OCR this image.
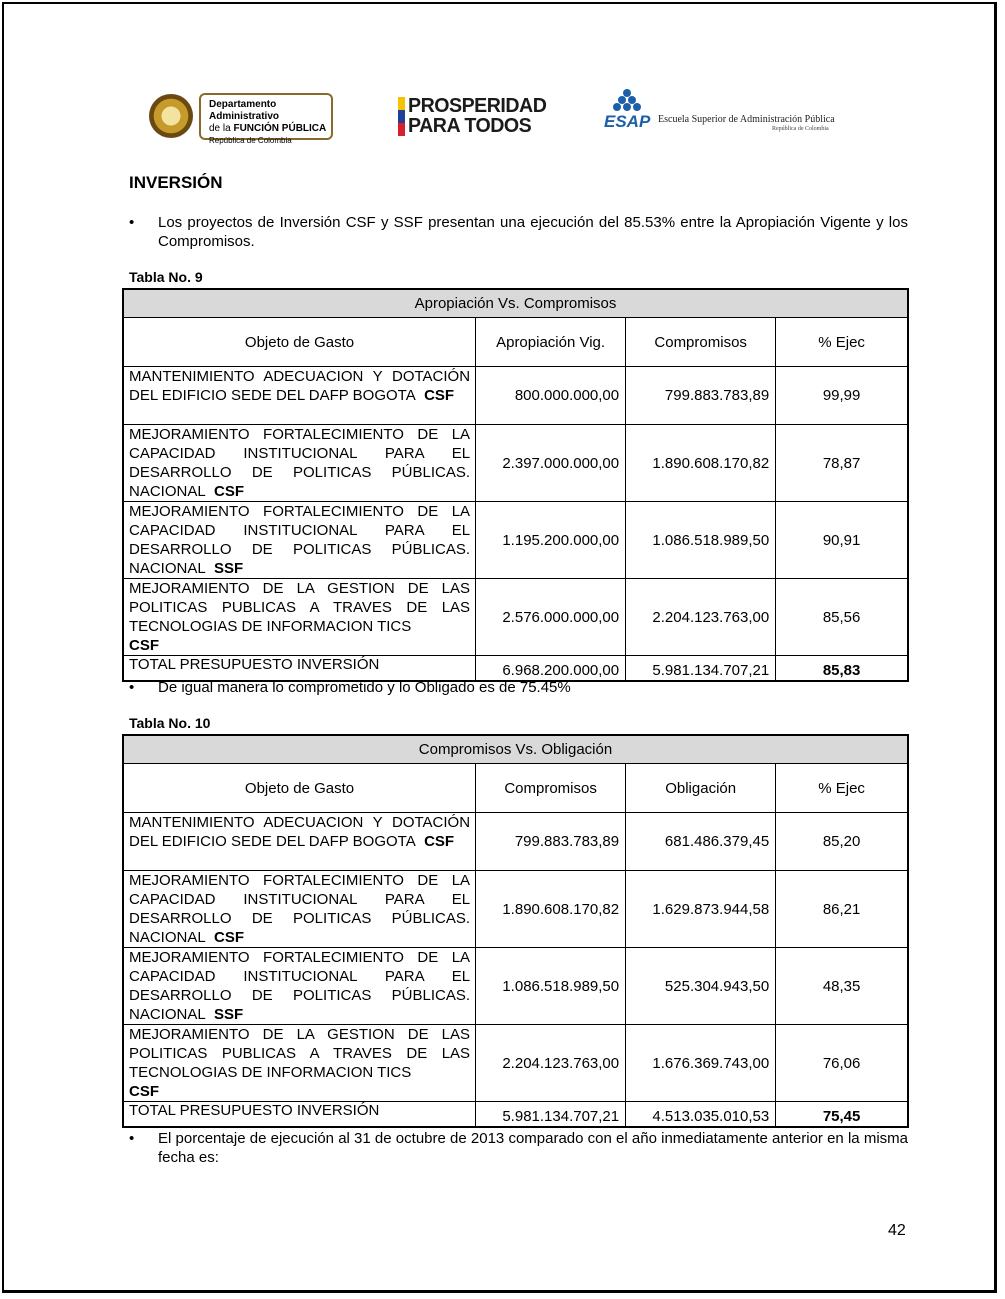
Departamento Administrativo
de la FUNCIÓN PÚBLICA
República de Colombia
PROSPERIDAD
PARA TODOS	ESAP Escuela Superior de Administración Pública
República de Colombia
INVERSIÓN
•	Los proyectos de Inversión CSF y SSF presentan una ejecución del 85.53% entre la Apropiación Vigente y los Compromisos.
Tabla No. 9
Apropiación Vs. Compromisos			
Objeto de Gasto	Apropiación Vig.	Compromisos	% Ejec
MANTENIMIENTO ADECUACION Y DOTACIÓN DEL EDIFICIO SEDE DEL DAFP BOGOTA CSF	800.000.000,00	799.883.783,89	99,99
MEJORAMIENTO FORTALECIMIENTO DE LA CAPACIDAD INSTITUCIONAL PARA EL DESARROLLO DE POLITICAS PÚBLICAS. NACIONAL CSF	2.397.000.000,00	1.890.608.170,82	78,87
MEJORAMIENTO FORTALECIMIENTO DE LA CAPACIDAD INSTITUCIONAL PARA EL DESARROLLO DE POLITICAS PÚBLICAS. NACIONAL SSF	1.195.200.000,00	1.086.518.989,50	90,91
MEJORAMIENTO DE LA GESTION DE LAS POLITICAS PUBLICAS A TRAVES DE LAS TECNOLOGIAS DE INFORMACION TICS
CSF	2.576.000.000,00	2.204.123.763,00	85,56
TOTAL PRESUPUESTO INVERSIÓN	6.968.200.000,00	5.981.134.707,21	85,83
•	De igual manera lo comprometido y lo Obligado es de 75.45%
Tabla No. 10
Compromisos Vs. Obligación			
Objeto de Gasto	Compromisos	Obligación	% Ejec
MANTENIMIENTO ADECUACION Y DOTACIÓN DEL EDIFICIO SEDE DEL DAFP BOGOTA CSF	799.883.783,89	681.486.379,45	85,20
MEJORAMIENTO FORTALECIMIENTO DE LA CAPACIDAD INSTITUCIONAL PARA EL DESARROLLO DE POLITICAS PÚBLICAS. NACIONAL CSF	1.890.608.170,82	1.629.873.944,58	86,21
MEJORAMIENTO FORTALECIMIENTO DE LA CAPACIDAD INSTITUCIONAL PARA EL DESARROLLO DE POLITICAS PÚBLICAS. NACIONAL SSF	1.086.518.989,50	525.304.943,50	48,35
MEJORAMIENTO DE LA GESTION DE LAS POLITICAS PUBLICAS A TRAVES DE LAS TECNOLOGIAS DE INFORMACION TICS
CSF	2.204.123.763,00	1.676.369.743,00	76,06
TOTAL PRESUPUESTO INVERSIÓN	5.981.134.707,21	4.513.035.010,53	75,45
•	El porcentaje de ejecución al 31 de octubre de 2013 comparado con el año inmediatamente anterior en la misma fecha es:
42
